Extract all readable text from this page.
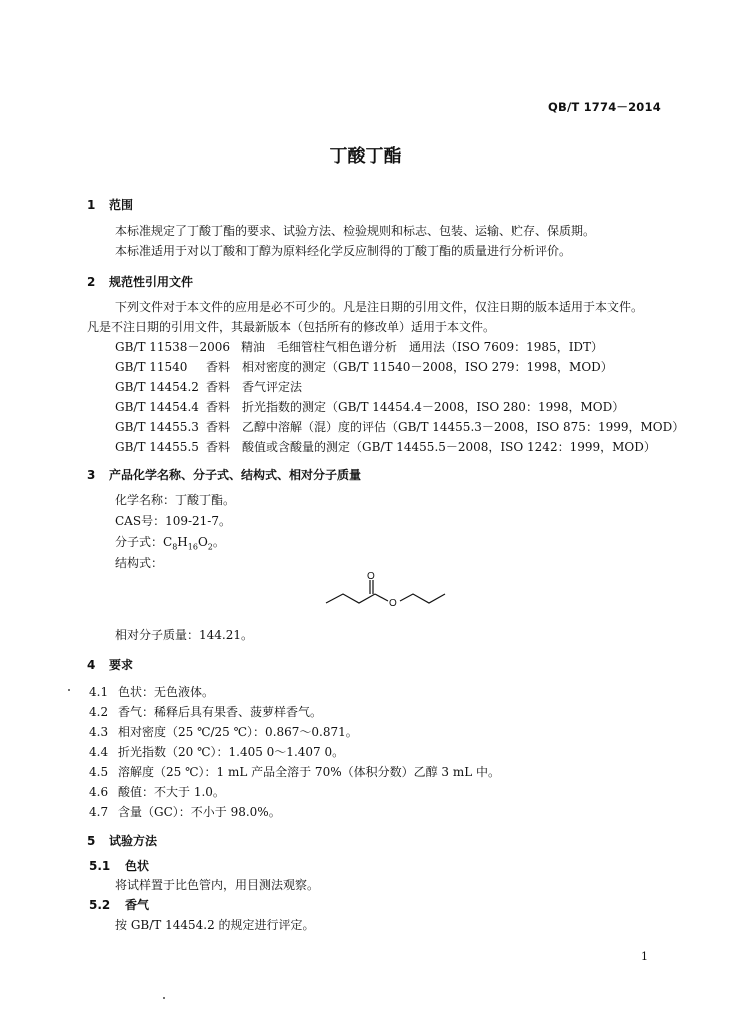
QB/T 1774－2014
丁酸丁酯
1 范围
本标准规定了丁酸丁酯的要求、试验方法、检验规则和标志、包装、运输、贮存、保质期。
本标准适用于对以丁酸和丁醇为原料经化学反应制得的丁酸丁酯的质量进行分析评价。
2 规范性引用文件
下列文件对于本文件的应用是必不可少的。凡是注日期的引用文件，仅注日期的版本适用于本文件。
凡是不注日期的引用文件，其最新版本（包括所有的修改单）适用于本文件。
GB/T 11538－2006 精油　毛细管柱气相色谱分析　通用法（ISO 7609：1985，IDT）
GB/T 11540 香料　相对密度的测定（GB/T 11540－2008，ISO 279：1998，MOD）
GB/T 14454.2 香料　香气评定法
GB/T 14454.4 香料　折光指数的测定（GB/T 14454.4－2008，ISO 280：1998，MOD）
GB/T 14455.3 香料　乙醇中溶解（混）度的评估（GB/T 14455.3－2008，ISO 875：1999，MOD）
GB/T 14455.5 香料　酸值或含酸量的测定（GB/T 14455.5－2008，ISO 1242：1999，MOD）
3 产品化学名称、分子式、结构式、相对分子质量
化学名称：丁酸丁酯。
CAS号：109-21-7。
分子式：$C_8H_{16}O_2$。
结构式：
O
O
相对分子质量：144.21。
4 要求
4.1 色状：无色液体。
4.2 香气：稀释后具有果香、菠萝样香气。
4.3 相对密度（25 ℃/25 ℃）：0.867～0.871。
4.4 折光指数（20 ℃）：1.405 0～1.407 0。
4.5 溶解度（25 ℃）：1 mL 产品全溶于 70%（体积分数）乙醇 3 mL 中。
4.6 酸值：不大于 1.0。
4.7 含量（GC）：不小于 98.0%。
5 试验方法
5.1 色状
将试样置于比色管内，用目测法观察。
5.2 香气
按 GB/T 14454.2 的规定进行评定。
1
